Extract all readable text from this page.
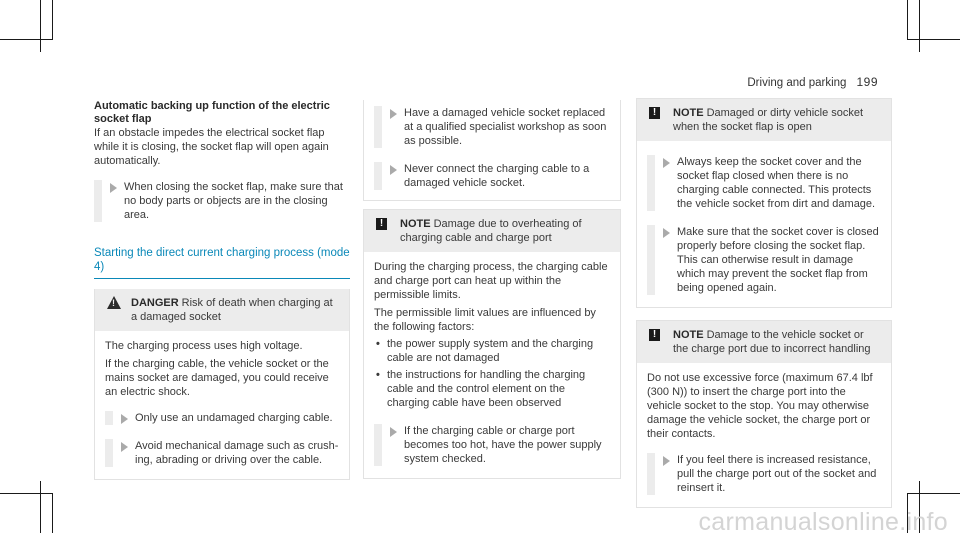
Driving and parking 199

Automatic backing up function of the electric socket flap

If an obstacle impedes the electrical socket flap while it is closing, the socket flap will open again automatically.

When closing the socket flap, make sure that no body parts or objects are in the closing area.

Starting the direct current charging process (mode 4)

!

DANGER Risk of death when charging at a damaged socket

The charging process uses high voltage.

If the charging cable, the vehicle socket or the mains socket are damaged, you could receive an electric shock.

Only use an undamaged charging cable.

Avoid mechanical damage such as crush-ing, abrading or driving over the cable.

Have a damaged vehicle socket replaced at a qualified specialist workshop as soon as possible.

Never connect the charging cable to a damaged vehicle socket.

!	NOTE Damage due to overheating of charging cable and charge port

During the charging process, the charging cable and charge port can heat up within the permissible limits.

The permissible limit values are influenced by the following factors:

• the power supply system and the charging cable are not damaged

• the instructions for handling the charging cable and the control element on the charging cable have been observed

If the charging cable or charge port becomes too hot, have the power supply system checked.

!	NOTE Damaged or dirty vehicle socket when the socket flap is open

Always keep the socket cover and the socket flap closed when there is no charging cable connected. This protects the vehicle socket from dirt and damage.

Make sure that the socket cover is closed properly before closing the socket flap. This can otherwise result in damage which may prevent the socket flap from being opened again.

!	NOTE Damage to the vehicle socket or the charge port due to incorrect handling

Do not use excessive force (maximum 67.4 lbf (300 N)) to insert the charge port into the vehicle socket to the stop. You may otherwise damage the vehicle socket, the charge port or their contacts.

If you feel there is increased resistance, pull the charge port out of the socket and reinsert it.

carmanualsonline.info
